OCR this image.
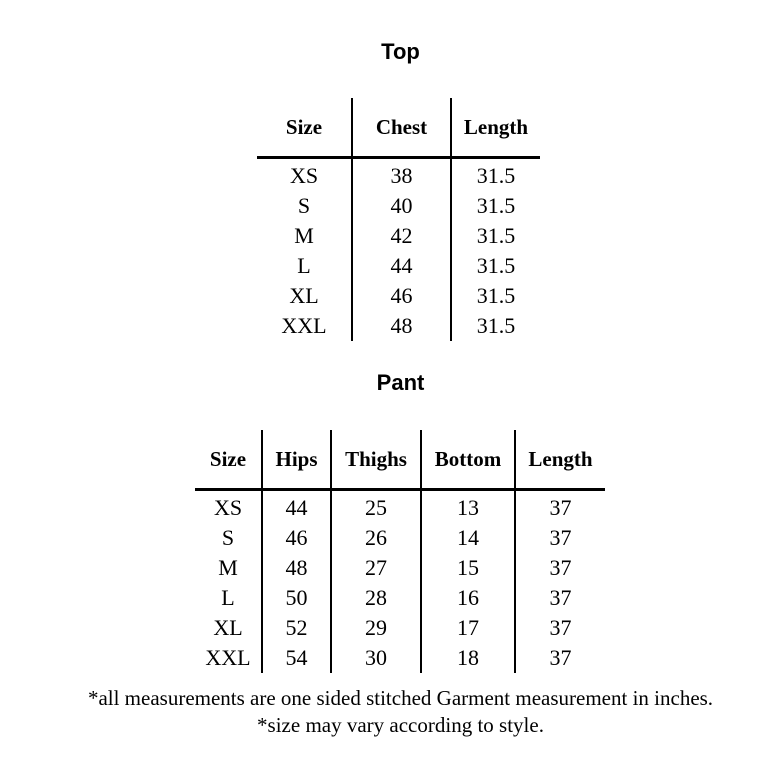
Top
Size	Chest	Length
XS	38	31.5
S	40	31.5
M	42	31.5
L	44	31.5
XL	46	31.5
XXL	48	31.5
Pant
Size	Hips	Thighs	Bottom	Length
XS	44	25	13	37
S	46	26	14	37
M	48	27	15	37
L	50	28	16	37
XL	52	29	17	37
XXL	54	30	18	37
*all measurements are one sided stitched Garment measurement in inches.
*size may vary according to style.
